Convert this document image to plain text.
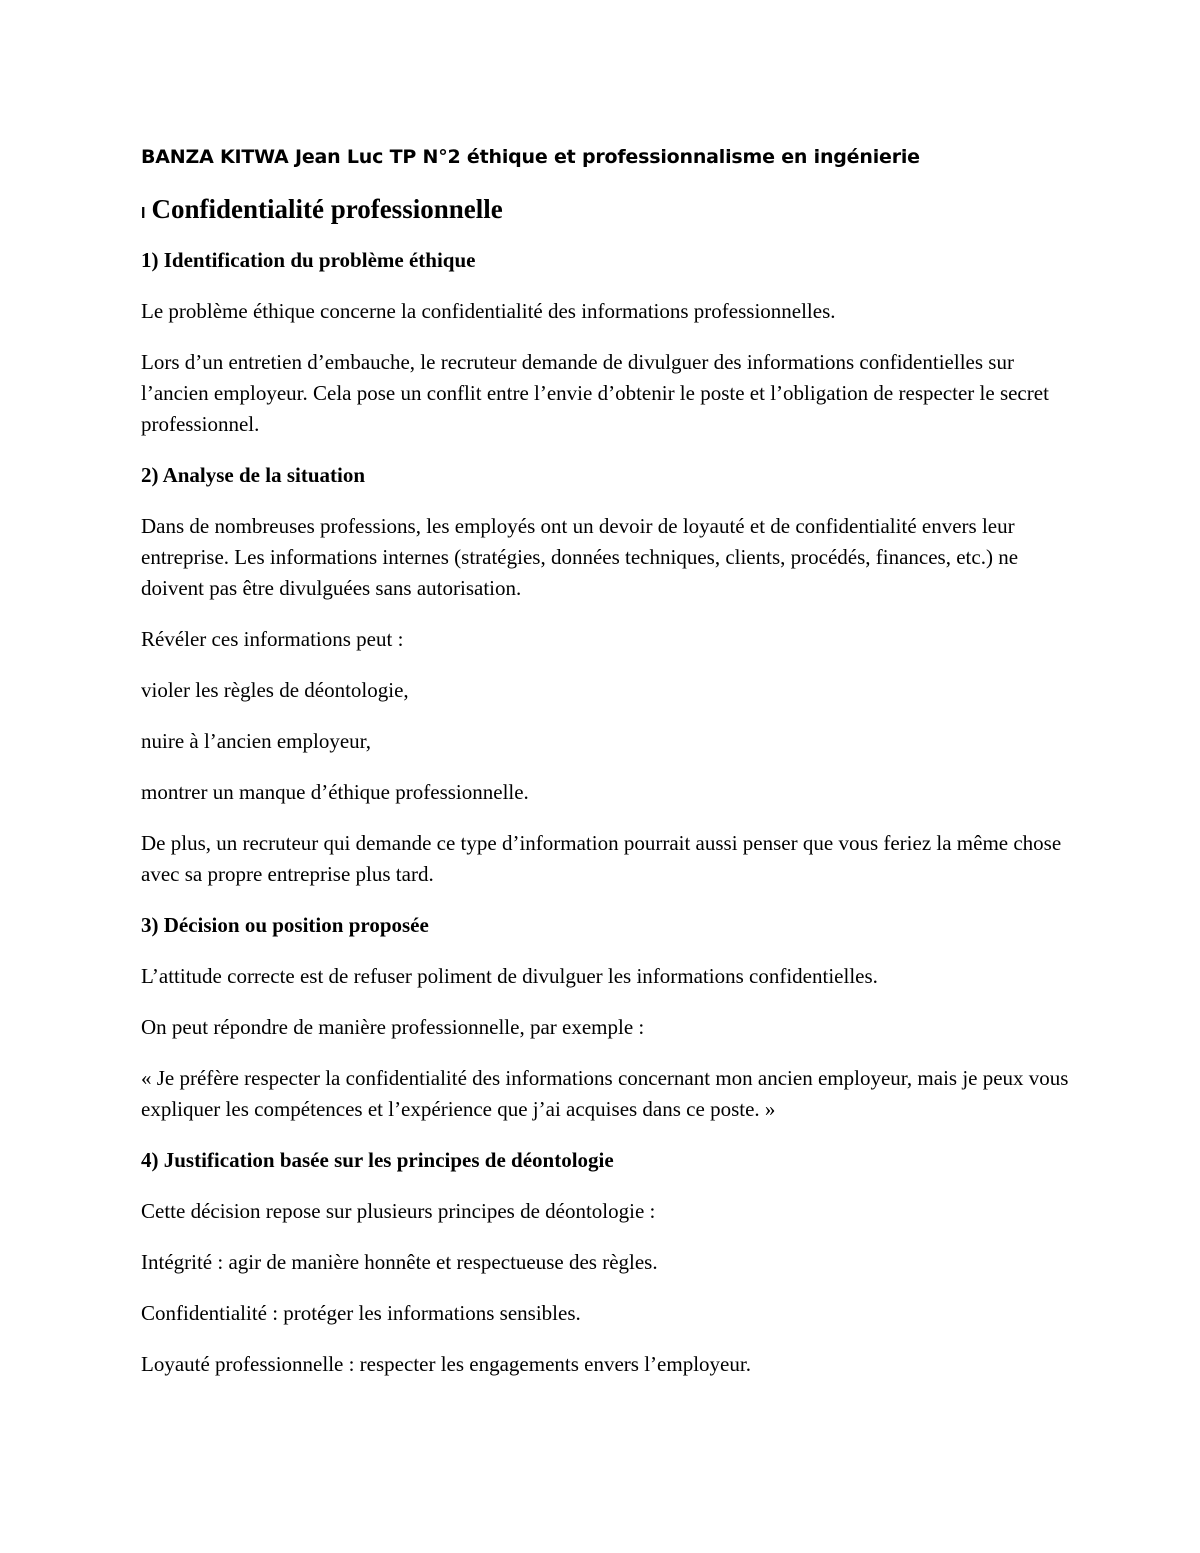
BANZA KITWA Jean Luc TP N°2 éthique et professionnalisme en ingénierie
I Confidentialité professionnelle
1) Identification du problème éthique

Le problème éthique concerne la confidentialité des informations professionnelles.

Lors d’un entretien d’embauche, le recruteur demande de divulguer des informations confidentielles sur l’ancien employeur. Cela pose un conflit entre l’envie d’obtenir le poste et l’obligation de respecter le secret professionnel.

2) Analyse de la situation

Dans de nombreuses professions, les employés ont un devoir de loyauté et de confidentialité envers leur entreprise. Les informations internes (stratégies, données techniques, clients, procédés, finances, etc.) ne doivent pas être divulguées sans autorisation.

Révéler ces informations peut :

violer les règles de déontologie,

nuire à l’ancien employeur,

montrer un manque d’éthique professionnelle.

De plus, un recruteur qui demande ce type d’information pourrait aussi penser que vous feriez la même chose avec sa propre entreprise plus tard.

3) Décision ou position proposée

L’attitude correcte est de refuser poliment de divulguer les informations confidentielles.

On peut répondre de manière professionnelle, par exemple :

« Je préfère respecter la confidentialité des informations concernant mon ancien employeur, mais je peux vous expliquer les compétences et l’expérience que j’ai acquises dans ce poste. »

4) Justification basée sur les principes de déontologie

Cette décision repose sur plusieurs principes de déontologie :

Intégrité : agir de manière honnête et respectueuse des règles.

Confidentialité : protéger les informations sensibles.

Loyauté professionnelle : respecter les engagements envers l’employeur.
